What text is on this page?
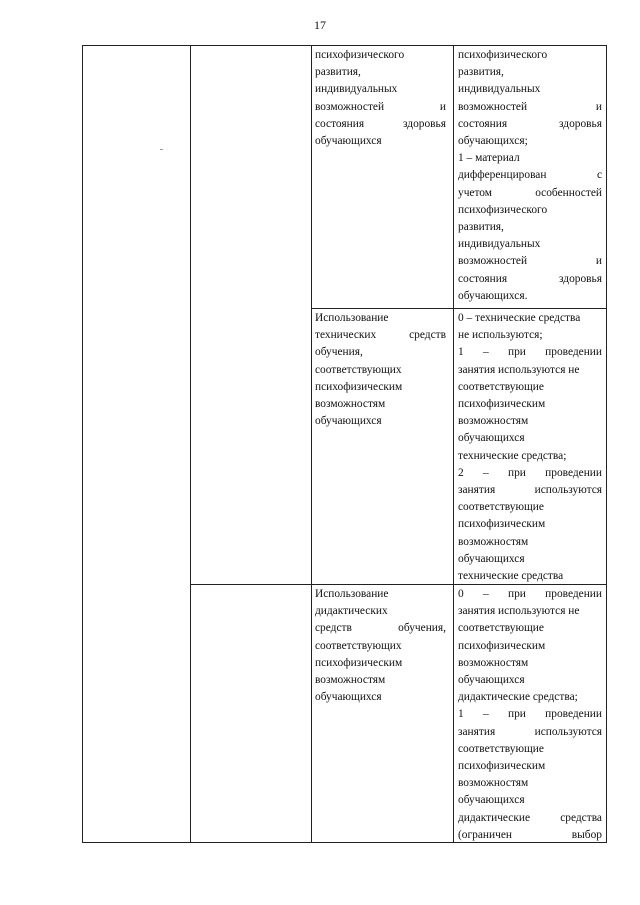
17
психофизического
развития,
индивидуальных
возможностей и
состояния здоровья
обучающихся
психофизического
развития,
индивидуальных
возможностей и
состояния здоровья
обучающихся;
1 – материал
дифференцирован с
учетом особенностей
психофизического
развития,
индивидуальных
возможностей и
состояния здоровья
обучающихся.
Использование
технических средств
обучения,
соответствующих
психофизическим
возможностям
обучающихся
0 – технические средства
не используются;
1 – при проведении
занятия используются не
соответствующие
психофизическим
возможностям
обучающихся
технические средства;
2 – при проведении
занятия используются
соответствующие
психофизическим
возможностям
обучающихся
технические средства
Использование
дидактических
средств обучения,
соответствующих
психофизическим
возможностям
обучающихся
0 – при проведении
занятия используются не
соответствующие
психофизическим
возможностям
обучающихся
дидактические средства;
1 – при проведении
занятия используются
соответствующие
психофизическим
возможностям
обучающихся
дидактические средства
(ограничен выбор
